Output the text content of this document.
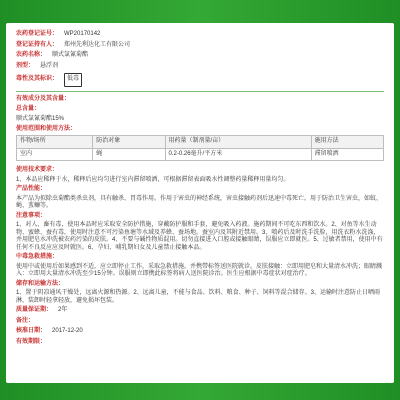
农药登记证号： WP20170142
登记证持有人： 郑州先利达化工有限公司
农药名称： 顺式氯氰菊酯
剂型： 悬浮剂
毒性及其标识： 低毒
有效成分及其含量：
总含量：
顺式氯氰菊酯15%
使用范围和使用方法：
作物/场所	防治对象	用药量（制剂量/亩）	施用方法
室内	蝇	0.2-0.26毫升/平方米	滞留喷洒
使用技术要求：
1、本品应稀释于水，稀释后应均匀进行室内滞留喷洒，可根据滞留表面吸水性调整药量稀释用量均匀。
产品性能：
本产品为拟除虫菊酯类杀虫剂，具有触杀、胃毒作用。作用于害虫的神经系统，害虫接触药剂后迅速中毒死亡。用于防治卫生害虫，如蚊、蝇、蜚蠊等。
注意事项：
1、对人、畜有毒，使用本品时应采取安全防护措施，穿戴防护服和手套，避免吸入药液。施药期间不可吃东西和饮水。2、对鱼等水生动物、蜜蜂、蚕有毒，使用时注意不可污染鱼塘等水域及养蜂、蚕场地。蚕室内及其附近禁用。3、喷药后及时洗手洗脸，用洗衣粉水洗涤，并用肥皂水冲洗被农药污染的皮肤。4、不要与碱性物质混用。切勿直接进入口腔或接触眼睛，误服应立即就医。5、过敏者禁用，使用中有任何不良反应应及时就医。6、孕妇、哺乳期妇女及儿童禁止接触本品。
中毒急救措施：
使用中或使用后如果感到不适，应立即停止工作，采取急救措施，并携带标签送医院就诊。皮肤接触：立即用肥皂和大量清水冲洗；眼睛溅入：立即用大量清水冲洗至少15分钟。误服则立即携此标签将病人送医院诊治。医生应根据中毒症状对症治疗。
储存和运输方法：
1、置于阴凉通风干燥处，远离火源和热源。2、远离儿童，不能与食品、饮料、粮食、种子、饲料等混合储存。3、运输时注意防止日晒雨淋，装卸时轻拿轻放，避免损坏包装。
质量保证期： 2年
备注：
核准日期： 2017-12-20
有效期限：
